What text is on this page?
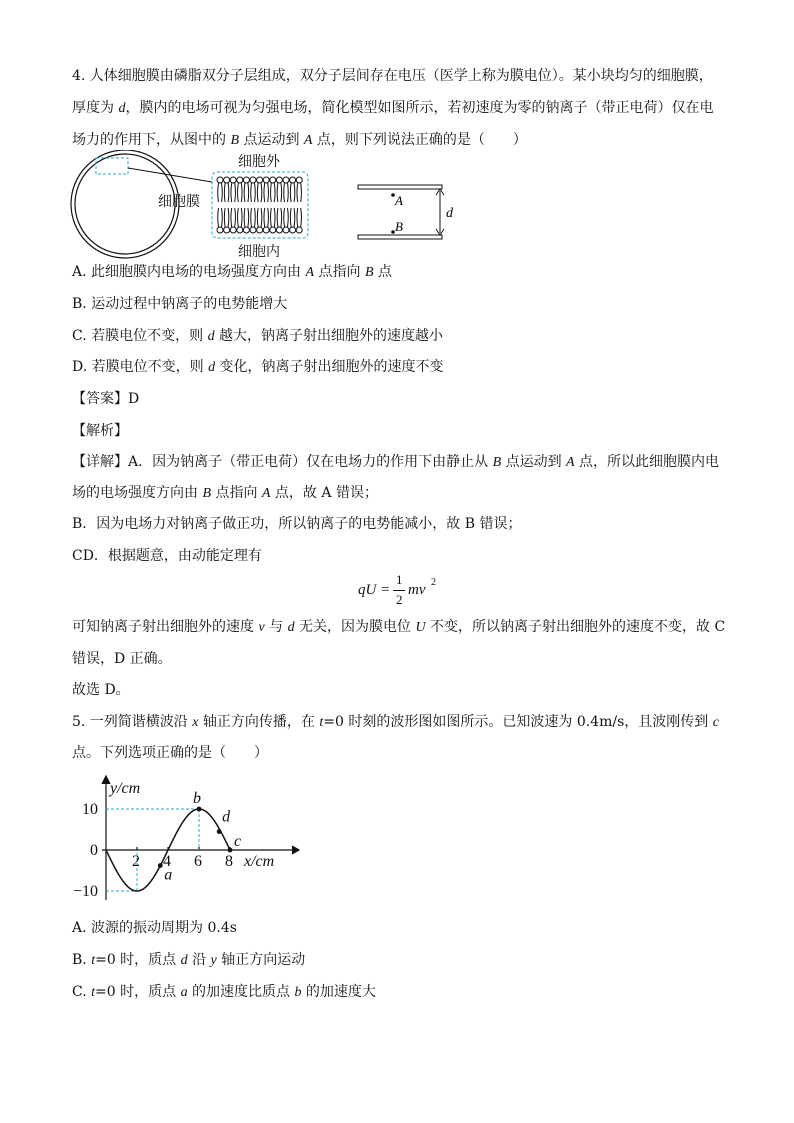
4. 人体细胞膜由磷脂双分子层组成，双分子层间存在电压（医学上称为膜电位）。某小块均匀的细胞膜，
厚度为 d，膜内的电场可视为匀强电场，简化模型如图所示，若初速度为零的钠离子（带正电荷）仅在电
场力的作用下，从图中的 B 点运动到 A 点，则下列说法正确的是（　　）
细胞膜
细胞外
细胞内
A
B
d
A. 此细胞膜内电场的电场强度方向由 A 点指向 B 点
B. 运动过程中钠离子的电势能增大
C. 若膜电位不变，则 d 越大，钠离子射出细胞外的速度越小
D. 若膜电位不变，则 d 变化，钠离子射出细胞外的速度不变
【答案】D
【解析】
【详解】A．因为钠离子（带正电荷）仅在电场力的作用下由静止从 B 点运动到 A 点，所以此细胞膜内电
场的电场强度方向由 B 点指向 A 点，故 A 错误；
B．因为电场力对钠离子做正功，所以钠离子的电势能减小，故 B 错误；
CD．根据题意，由动能定理有
qU =
1
2
mv 2
可知钠离子射出细胞外的速度 v 与 d 无关，因为膜电位 U 不变，所以钠离子射出细胞外的速度不变，故 C
错误，D 正确。
故选 D。
5. 一列简谐横波沿 x 轴正方向传播，在 t=0 时刻的波形图如图所示。已知波速为 0.4m/s，且波刚传到 c
点。下列选项正确的是（　　）
y/cm
x/cm
10
0
−10
2 4 6 8
a
b
d
c
A. 波源的振动周期为 0.4s
B. t=0 时，质点 d 沿 y 轴正方向运动
C. t=0 时，质点 a 的加速度比质点 b 的加速度大
